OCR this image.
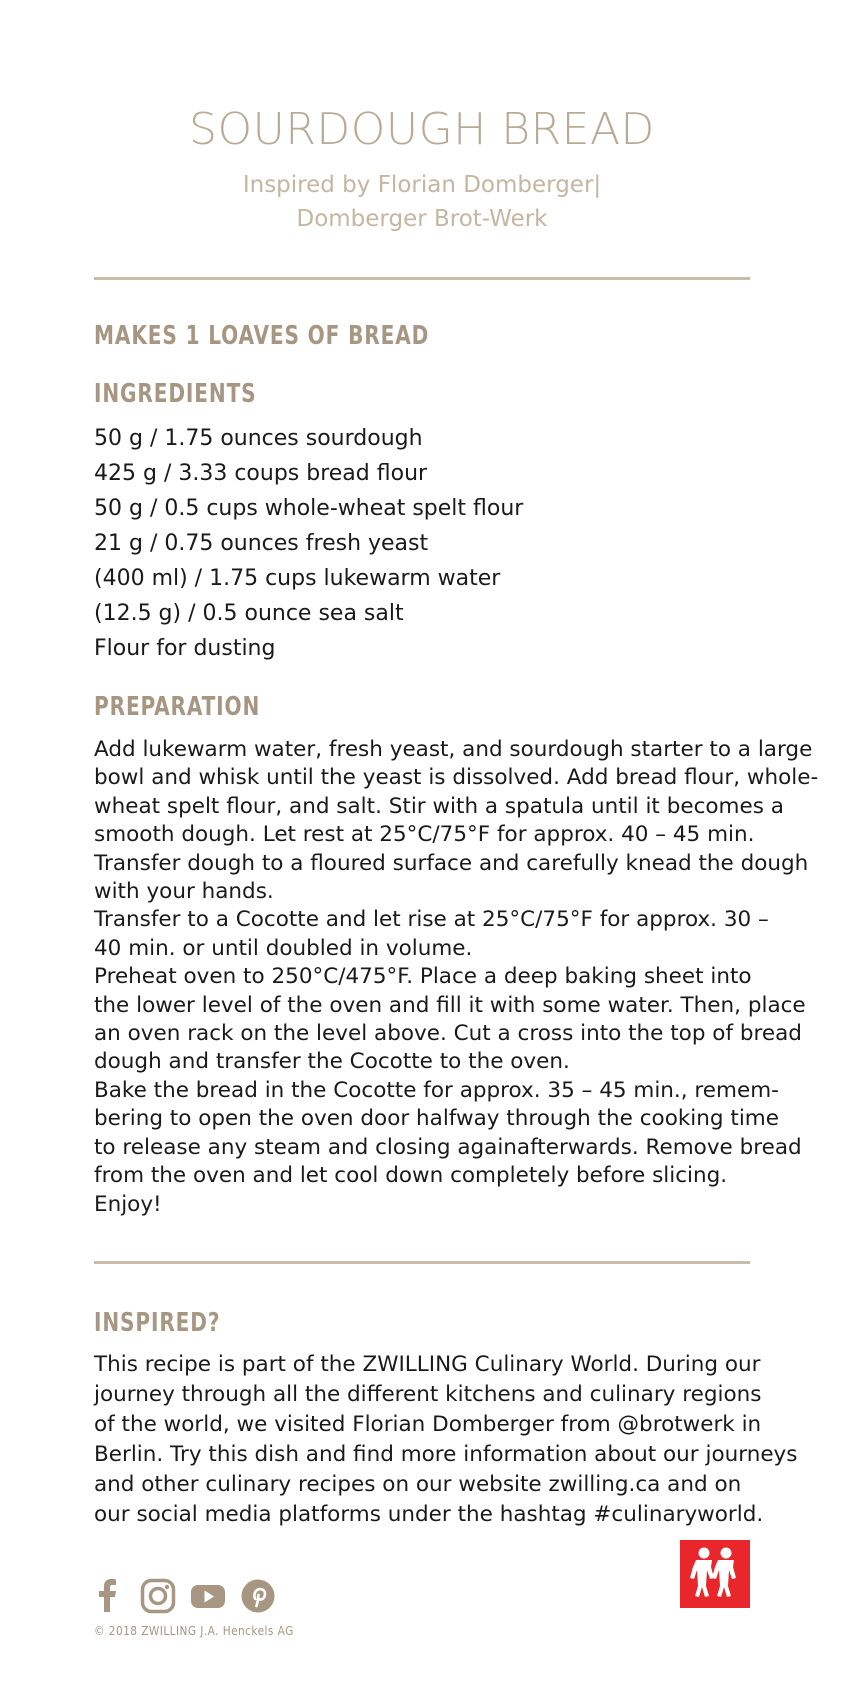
SOURDOUGH BREAD
Inspired by Florian Domberger|
Domberger Brot-Werk
MAKES 1 LOAVES OF BREAD
INGREDIENTS
50 g / 1.75 ounces sourdough
425 g / 3.33 coups bread flour
50 g / 0.5 cups whole-wheat spelt flour
21 g / 0.75 ounces fresh yeast
(400 ml) / 1.75 cups lukewarm water
(12.5 g) / 0.5 ounce sea salt
Flour for dusting
PREPARATION
Add lukewarm water, fresh yeast, and sourdough starter to a large
bowl and whisk until the yeast is dissolved. Add bread flour, whole-
wheat spelt flour, and salt. Stir with a spatula until it becomes a
smooth dough. Let rest at 25°C/75°F for approx. 40 – 45 min.
Transfer dough to a floured surface and carefully knead the dough
with your hands.
Transfer to a Cocotte and let rise at 25°C/75°F for approx. 30 –
40 min. or until doubled in volume.
Preheat oven to 250°C/475°F. Place a deep baking sheet into
the lower level of the oven and fill it with some water. Then, place
an oven rack on the level above. Cut a cross into the top of bread
dough and transfer the Cocotte to the oven.
Bake the bread in the Cocotte for approx. 35 – 45 min., remem-
bering to open the oven door halfway through the cooking time
to release any steam and closing againafterwards. Remove bread
from the oven and let cool down completely before slicing.
Enjoy!
INSPIRED?
This recipe is part of the ZWILLING Culinary World. During our
journey through all the different kitchens and culinary regions
of the world, we visited Florian Domberger from @brotwerk in
Berlin. Try this dish and find more information about our journeys
and other culinary recipes on our website zwilling.ca and on
our social media platforms under the hashtag #culinaryworld.
© 2018 ZWILLING J.A. Henckels AG
